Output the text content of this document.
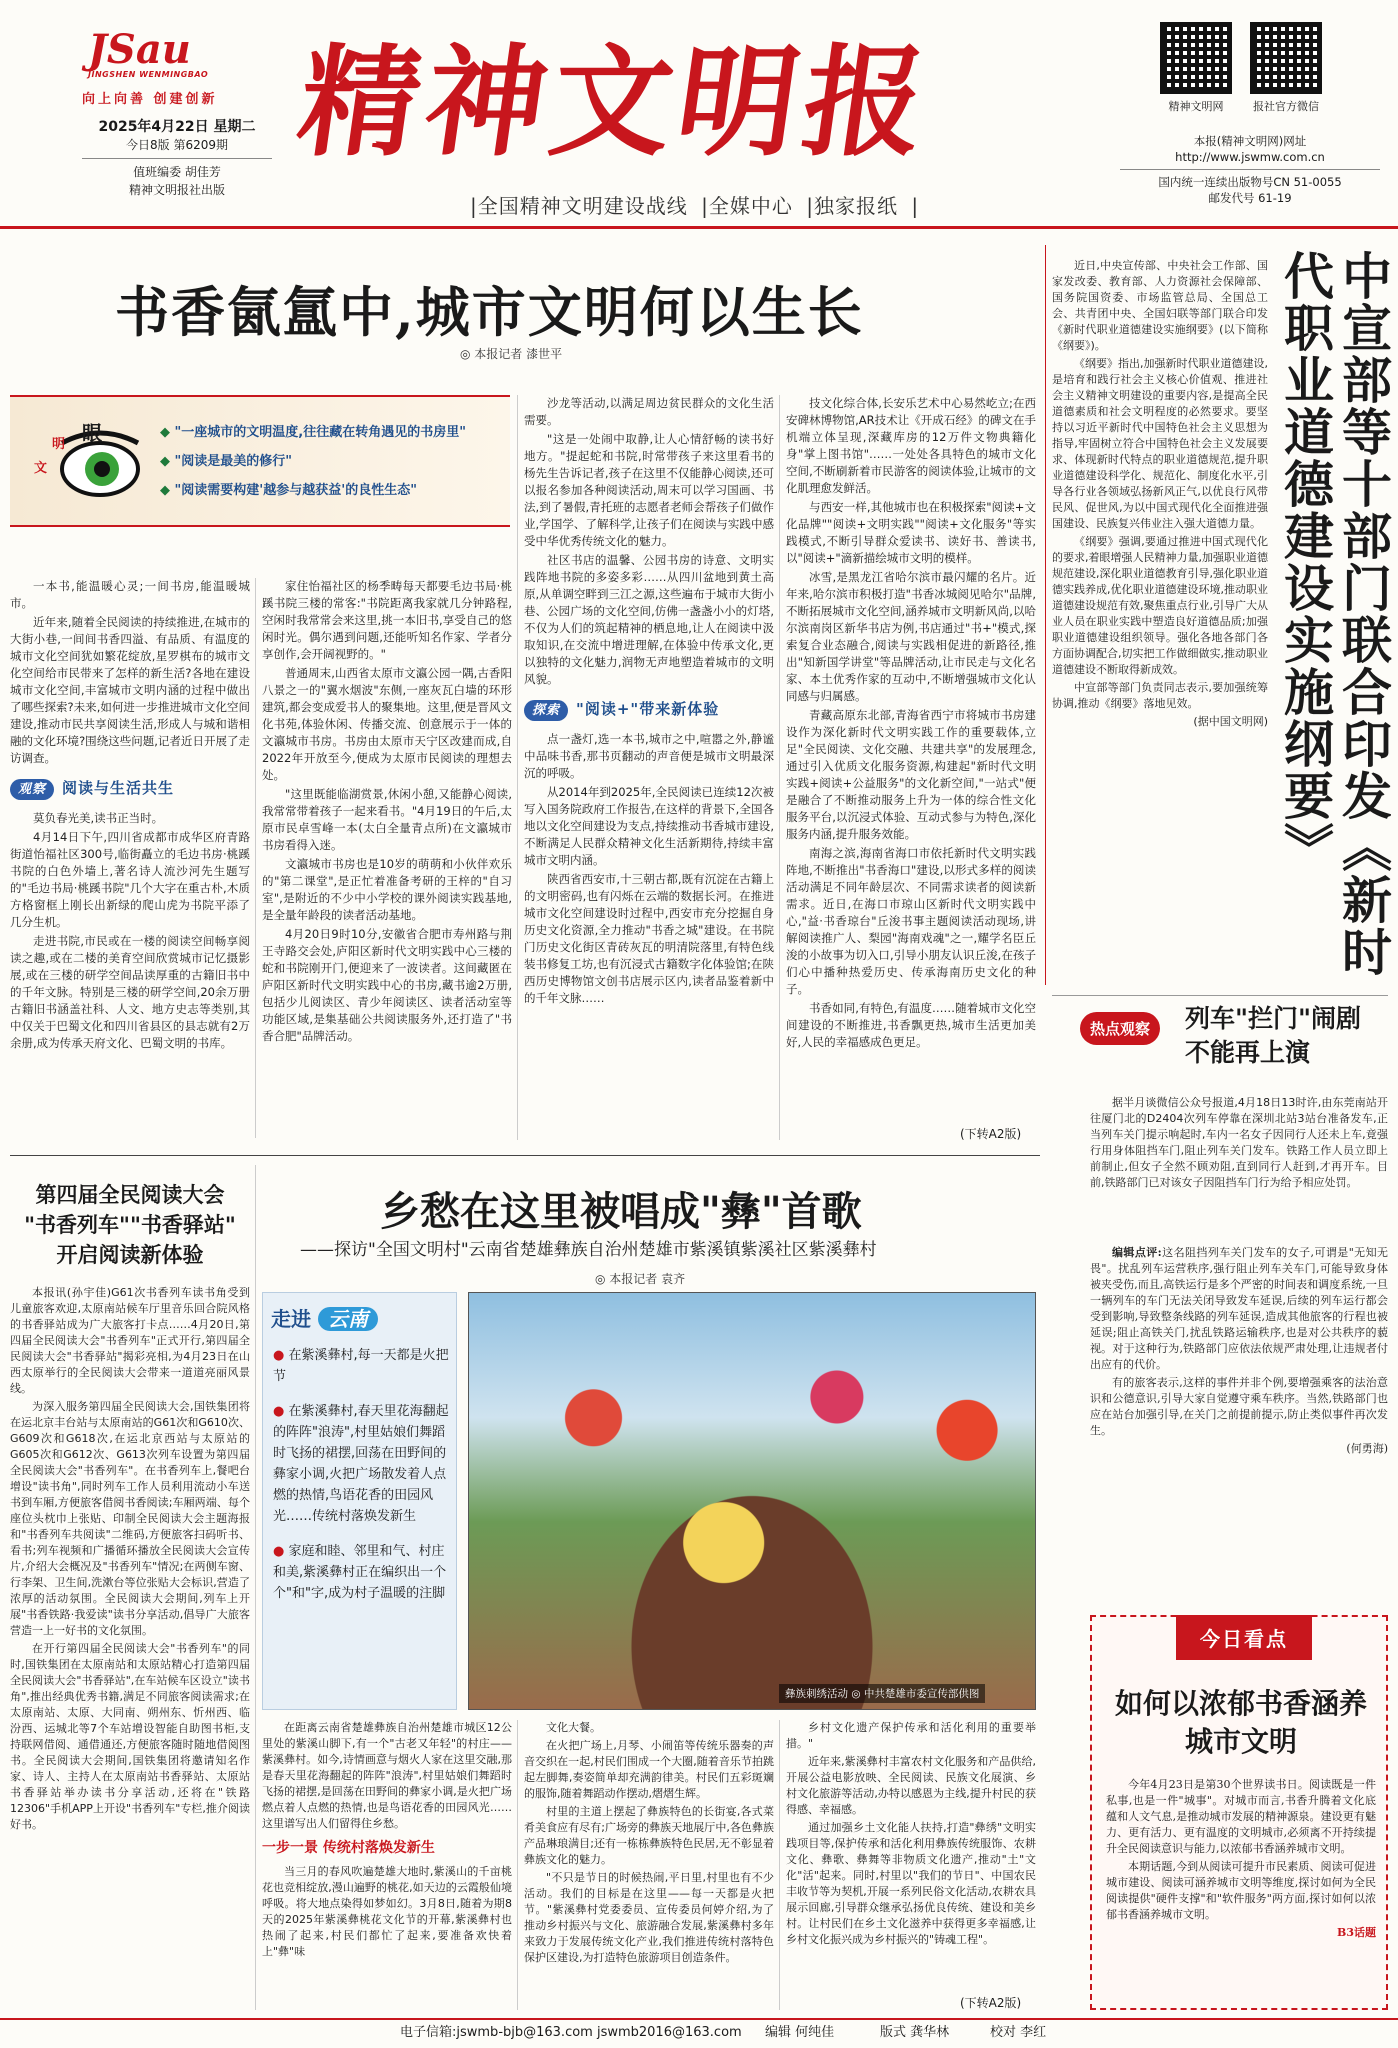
JSau
JINGSHEN WENMINGBAO
向上向善 创建创新
2025年4月22日 星期二
今日8版 第6209期
值班编委 胡佳芳
精神文明报社出版
精神文明报
|全国精神文明建设战线 |全媒中心 |独家报纸 |
精神文明网	报社官方微信
本报(精神文明网)网址
http://www.jswmw.com.cn
国内统一连续出版物号CN 51-0055
邮发代号 61-19
书香氤氲中,城市文明何以生长
◎ 本报记者 漆世平
眼
明
文
◆ "一座城市的文明温度,往往藏在转角遇见的书房里"
◆ "阅读是最美的修行"
◆ "阅读需要构建'越参与越获益'的良性生态"

一本书,能温暖心灵;一间书房,能温暖城市。

近年来,随着全民阅读的持续推进,在城市的大街小巷,一间间书香四溢、有品质、有温度的城市文化空间犹如繁花绽放,星罗棋布的城市文化空间给市民带来了怎样的新生活?各地在建设城市文化空间,丰富城市文明内涵的过程中做出了哪些探索?未来,如何进一步推进城市文化空间建设,推动市民共享阅读生活,形成人与城和谐相融的文化环境?围绕这些问题,记者近日开展了走访调查。

观察 阅读与生活共生

莫负春光美,读书正当时。

4月14日下午,四川省成都市成华区府青路街道怡福社区300号,临街矗立的毛边书房·桃蹊书院的白色外墙上,著名诗人流沙河先生题写的"毛边书局·桃蹊书院"几个大字在重古朴,木质方格窗框上刚长出新绿的爬山虎为书院平添了几分生机。

走进书院,市民或在一楼的阅读空间畅享阅读之趣,或在二楼的美育空间欣赏城市记忆摄影展,或在三楼的研学空间品读厚重的古籍旧书中的千年文脉。特别是三楼的研学空间,20余万册古籍旧书涵盖社科、人文、地方史志等类别,其中仅关于巴蜀文化和四川省县区的县志就有2万余册,成为传承天府文化、巴蜀文明的书库。

家住怡福社区的杨季畴每天都要毛边书局·桃蹊书院三楼的常客:"书院距离我家就几分钟路程,空闲时我常常会来这里,挑一本旧书,享受自己的悠闲时光。偶尔遇到问题,还能听知名作家、学者分享创作,会开阔视野的。"

普通周末,山西省太原市文瀛公园一隅,古香阳八景之一的"翼水烟波"东侧,一座灰瓦白墙的环形建筑,都会变成爱书人的聚集地。这里,便是晋风文化书苑,体验休闲、传播交流、创意展示于一体的文瀛城市书房。书房由太原市天宁区改建而成,自2022年开放至今,便成为太原市民阅读的理想去处。

"这里既能临湖赏景,休闲小憩,又能静心阅读,我常常带着孩子一起来看书。"4月19日的午后,太原市民卓雪峰一本(太白全量青点所)在文瀛城市书房看得入迷。

文瀛城市书房也是10岁的萌萌和小伙伴欢乐的"第二课堂",是正忙着准备考研的王梓的"自习室",是附近的不少中小学校的课外阅读实践基地,是全量年龄段的读者活动基地。

4月20日9时10分,安徽省合肥市寿州路与荆王寺路交会处,庐阳区新时代文明实践中心三楼的蛇和书院刚开门,便迎来了一波读者。这间藏匿在庐阳区新时代文明实践中心的书房,藏书逾2万册,包括少儿阅读区、青少年阅读区、读者活动室等功能区域,是集基础公共阅读服务外,还打造了"书香合肥"品牌活动。

沙龙等活动,以满足周边贫民群众的文化生活需要。

"这是一处闹中取静,让人心情舒畅的读书好地方。"提起蛇和书院,时常带孩子来这里看书的杨先生告诉记者,孩子在这里不仅能静心阅读,还可以报名参加各种阅读活动,周末可以学习国画、书法,到了暑假,青托班的志愿者老师会帮孩子们做作业,学国学、了解科学,让孩子们在阅读与实践中感受中华优秀传统文化的魅力。

社区书店的温馨、公园书房的诗意、文明实践阵地书院的多姿多彩……从四川盆地到黄土高原,从单调空畔到三江之源,这些遍布于城市大街小巷、公园广场的文化空间,仿佛一盏盏小小的灯塔,不仅为人们的筑起精神的栖息地,让人在阅读中汲取知识,在交流中增进理解,在体验中传承文化,更以独特的文化魅力,润物无声地塑造着城市的文明风貌。

探索 "阅读+"带来新体验

点一盏灯,选一本书,城市之中,喧嚣之外,静谧中品味书香,那书页翻动的声音便是城市文明最深沉的呼吸。

从2014年到2025年,全民阅读已连续12次被写入国务院政府工作报告,在这样的背景下,全国各地以文化空间建设为支点,持续推动书香城市建设,不断满足人民群众精神文化生活新期待,持续丰富城市文明内涵。

陕西省西安市,十三朝古都,既有沉淀在古籍上的文明密码,也有闪烁在云端的数据长河。在推进城市文化空间建设时过程中,西安市充分挖掘自身历史文化资源,全力推动"书香之城"建设。在书院门历史文化街区青砖灰瓦的明清院落里,有特色线装书修复工坊,也有沉浸式古籍数字化体验馆;在陕西历史博物馆文创书店展示区内,读者品鉴着新中的千年文脉……

技文化综合体,长安乐艺术中心易然屹立;在西安碑林博物馆,AR技术让《开成石经》的碑文在手机端立体呈现,深藏库房的12万件文物典籍化身"掌上图书馆"……一处处各具特色的城市文化空间,不断刷新着市民游客的阅读体验,让城市的文化肌理愈发鲜活。

与西安一样,其他城市也在积极探索"阅读+文化品牌""阅读+文明实践""阅读+文化服务"等实践模式,不断引导群众爱读书、读好书、善读书,以"阅读+"滴新描绘城市文明的模样。

冰雪,是黑龙江省哈尔滨市最闪耀的名片。近年来,哈尔滨市积极打造"书香冰城阅见哈尔"品牌,不断拓展城市文化空间,涵养城市文明新风尚,以哈尔滨南岗区新华书店为例,书店通过"书+"模式,探索复合业态融合,阅读与实践相促进的新路径,推出"知新国学讲堂"等品牌活动,让市民走与文化名家、本土优秀作家的互动中,不断增强城市文化认同感与归属感。

青藏高原东北部,青海省西宁市将城市书房建设作为深化新时代文明实践工作的重要载体,立足"全民阅读、文化交融、共建共享"的发展理念,通过引入优质文化服务资源,构建起"新时代文明实践+阅读+公益服务"的文化新空间,"一站式"便是融合了不断推动服务上升为一体的综合性文化服务平台,以沉浸式体验、互动式参与为特色,深化服务内涵,提升服务效能。

南海之滨,海南省海口市依托新时代文明实践阵地,不断推出"书香海口"建设,以形式多样的阅读活动满足不同年龄层次、不同需求读者的阅读新需求。近日,在海口市琼山区新时代文明实践中心,"益·书香琼台"丘浚书事主题阅读活动现场,讲解阅读推广人、梨园"海南戏魂"之一,耀学名臣丘浚的小故事为切入口,引导小朋友认识丘浚,在孩子们心中播种热爱历史、传承海南历史文化的种子。

书香如同,有特色,有温度……随着城市文化空间建设的不断推进,书香飘更热,城市生活更加美好,人民的幸福感成色更足。

(下转A2版)

近日,中央宣传部、中央社会工作部、国家发改委、教育部、人力资源社会保障部、国务院国资委、市场监管总局、全国总工会、共青团中央、全国妇联等部门联合印发《新时代职业道德建设实施纲要》(以下简称《纲要》)。

《纲要》指出,加强新时代职业道德建设,是培育和践行社会主义核心价值观、推进社会主义精神文明建设的重要内容,是提高全民道德素质和社会文明程度的必然要求。要坚持以习近平新时代中国特色社会主义思想为指导,牢固树立符合中国特色社会主义发展要求、体现新时代特点的职业道德规范,提升职业道德建设科学化、规范化、制度化水平,引导各行业各领域弘扬新风正气,以优良行风带民风、促世风,为以中国式现代化全面推进强国建设、民族复兴伟业注入强大道德力量。

《纲要》强调,要通过推进中国式现代化的要求,着眼增强人民精神力量,加强职业道德规范建设,深化职业道德教育引导,强化职业道德实践养成,优化职业道德建设环境,推动职业道德建设规范有效,聚焦重点行业,引导广大从业人员在职业实践中塑造良好道德品质;加强职业道德建设组织领导。强化各地各部门各方面协调配合,切实把工作做细做实,推动职业道德建设不断取得新成效。

中宣部等部门负责同志表示,要加强统筹协调,推动《纲要》落地见效。

(据中国文明网)	中宣部等十部门联合印发《新时代职业道德建设实施纲要》
热点观察	列车"拦门"闹剧不能再上演

据半月谈微信公众号报道,4月18日13时许,由东莞南站开往厦门北的D2404次列车停靠在深圳北站3站台准备发车,正当列车关门提示响起时,车内一名女子因同行人还未上车,竟强行用身体阻挡车门,阻止列车关门发车。铁路工作人员立即上前制止,但女子全然不顾劝阻,直到同行人赶到,才再开车。目前,铁路部门已对该女子因阻挡车门行为给予相应处罚。

编辑点评:这名阻挡列车关门发车的女子,可谓是"无知无畏"。扰乱列车运营秩序,强行阻止列车关车门,可能导致身体被夹受伤,而且,高铁运行是多个严密的时间表和调度系统,一旦一辆列车的车门无法关闭导致发车延误,后续的列车运行都会受到影响,导致整条线路的列车延误,造成其他旅客的行程也被延误;阻止高铁关门,扰乱铁路运输秩序,也是对公共秩序的藐视。对于这种行为,铁路部门应依法依规严肃处理,让违规者付出应有的代价。

有的旅客表示,这样的事件并非个例,要增强乘客的法治意识和公德意识,引导大家自觉遵守乘车秩序。当然,铁路部门也应在站台加强引导,在关门之前提前提示,防止类似事件再次发生。

(何勇海)

今日看点
如何以浓郁书香涵养城市文明

今年4月23日是第30个世界读书日。阅读既是一件私事,也是一件"城事"。对城市而言,书香升腾着文化底蕴和人文气息,是推动城市发展的精神源泉。建设更有魅力、更有活力、更有温度的文明城市,必须离不开持续提升全民阅读意识与能力,以浓郁书香涵养城市文明。

本期话题,今到从阅读可提升市民素质、阅读可促进城市建设、阅读可涵养城市文明等维度,探讨如何为全民阅读提供"硬件支撑"和"软件服务"两方面,探讨如何以浓郁书香涵养城市文明。

B3话题

第四届全民阅读大会
"书香列车""书香驿站"
开启阅读新体验

本报讯(孙宇佳)G61次书香列车读书角受到儿童旅客欢迎,太原南站候车厅里音乐回合院风格的书香驿站成为广大旅客打卡点……4月20日,第四届全民阅读大会"书香列车"正式开行,第四届全民阅读大会"书香驿站"揭彩亮相,为4月23日在山西太原举行的全民阅读大会带来一道道亮丽风景线。

为深入服务第四届全民阅读大会,国铁集团将在运北京丰台站与太原南站的G61次和G610次、G609次和G618次,在运北京西站与太原站的G605次和G612次、G613次列车设置为第四届全民阅读大会"书香列车"。在书香列车上,餐吧台增设"读书角",同时列车工作人员利用流动小车送书到车厢,方便旅客借阅书香阅读;车厢两端、每个座位头枕巾上张贴、印制全民阅读大会主题海报和"书香列车共阅读"二维码,方便旅客扫码听书、看书;列车视频和广播循环播放全民阅读大会宣传片,介绍大会概况及"书香列车"情况;在两侧车窗、行李架、卫生间,洗漱台等位张贴大会标识,营造了浓厚的活动氛围。全民阅读大会期间,列车上开展"书香铁路·我爱读"读书分享活动,倡导广大旅客营造一上一好书的文化氛围。

在开行第四届全民阅读大会"书香列车"的同时,国铁集团在太原南站和太原站精心打造第四届全民阅读大会"书香驿站",在车站候车区设立"读书角",推出经典优秀书籍,满足不同旅客阅读需求;在太原南站、太原、大同南、朔州东、忻州西、临汾西、运城北等7个车站增设智能自助图书柜,支持联网借阅、通借通还,方便旅客随时随地借阅图书。全民阅读大会期间,国铁集团将邀请知名作家、诗人、主持人在太原南站书香驿站、太原站书香驿站举办读书分享活动,还将在"铁路12306"手机APP上开设"书香列车"专栏,推介阅读好书。

乡愁在这里被唱成"彝"首歌
——探访"全国文明村"云南省楚雄彝族自治州楚雄市紫溪镇紫溪社区紫溪彝村
◎ 本报记者 袁齐
走进 云南
● 在紫溪彝村,每一天都是火把节
● 在紫溪彝村,春天里花海翻起的阵阵"浪涛",村里姑娘们舞蹈时飞扬的裙摆,回荡在田野间的彝家小调,火把广场散发着人点燃的热情,鸟语花香的田园风光……传统村落焕发新生
● 家庭和睦、邻里和气、村庄和美,紫溪彝村正在编织出一个个"和"字,成为村子温暖的注脚
彝族刺绣活动 ◎ 中共楚雄市委宣传部供图

在距离云南省楚雄彝族自治州楚雄市城区12公里处的紫溪山脚下,有一个"古老又年轻"的村庄——紫溪彝村。如今,诗情画意与烟火人家在这里交融,那是春天里花海翻起的阵阵"浪涛",村里姑娘们舞蹈时飞扬的裙摆,是回荡在田野间的彝家小调,是火把广场燃点着人点燃的热情,也是鸟语花香的田园风光……这里谱写出人们留得住乡愁。

一步一景 传统村落焕发新生

当三月的春风吹遍楚雄大地时,紫溪山的千亩桃花也竞相绽放,漫山遍野的桃花,如天边的云霞般仙境呼吸。将大地点染得如梦如幻。3月8日,随着为期8天的2025年紫溪彝桃花文化节的开幕,紫溪彝村也热闹了起来,村民们都忙了起来,要准备欢快着上"彝"味

文化大餐。

在火把广场上,月琴、小闹笛等传统乐器奏的声音交织在一起,村民们围成一个大圈,随着音乐节拍跳起左脚舞,奏姿简单却充满韵律美。村民们五彩斑斓的服饰,随着舞蹈动作摆动,熠熠生辉。

村里的主道上摆起了彝族特色的长街宴,各式菜肴美食应有尽有;广场旁的彝族天地展厅中,各色彝族产品琳琅满目;还有一栋栋彝族特色民居,无不彰显着彝族文化的魅力。

"不只是节日的时候热闹,平日里,村里也有不少活动。我们的目标是在这里——每一天都是火把节。"紫溪彝村党委委员、宣传委员何婷介绍,为了推动乡村振兴与文化、旅游融合发展,紫溪彝村多年来致力于发展传统文化产业,我们推进传统村落特色保护区建设,为打造特色旅游项目创造条件。

乡村文化遗产保护传承和活化利用的重要举措。"

近年来,紫溪彝村丰富农村文化服务和产品供给,开展公益电影放映、全民阅读、民族文化展演、乡村文化旅游等活动,办特以感恩为主线,提升村民的获得感、幸福感。

通过加强乡土文化能人扶持,打造"彝绣"文明实践项目等,保护传承和活化利用彝族传统服饰、农耕文化、彝歌、彝舞等非物质文化遗产,推动"土"文化"活"起来。同时,村里以"我们的节日"、中国农民丰收节等为契机,开展一系列民俗文化活动,农耕农具展示回廊,引导群众继承弘扬优良传统、建设和美乡村。让村民们在乡土文化滋养中获得更多幸福感,让乡村文化振兴成为乡村振兴的"铸魂工程"。

(下转A2版)
电子信箱:jswmb-bjb@163.com jswmb2016@163.com 编辑 何纯佳	版式 龚华林	校对 李红
